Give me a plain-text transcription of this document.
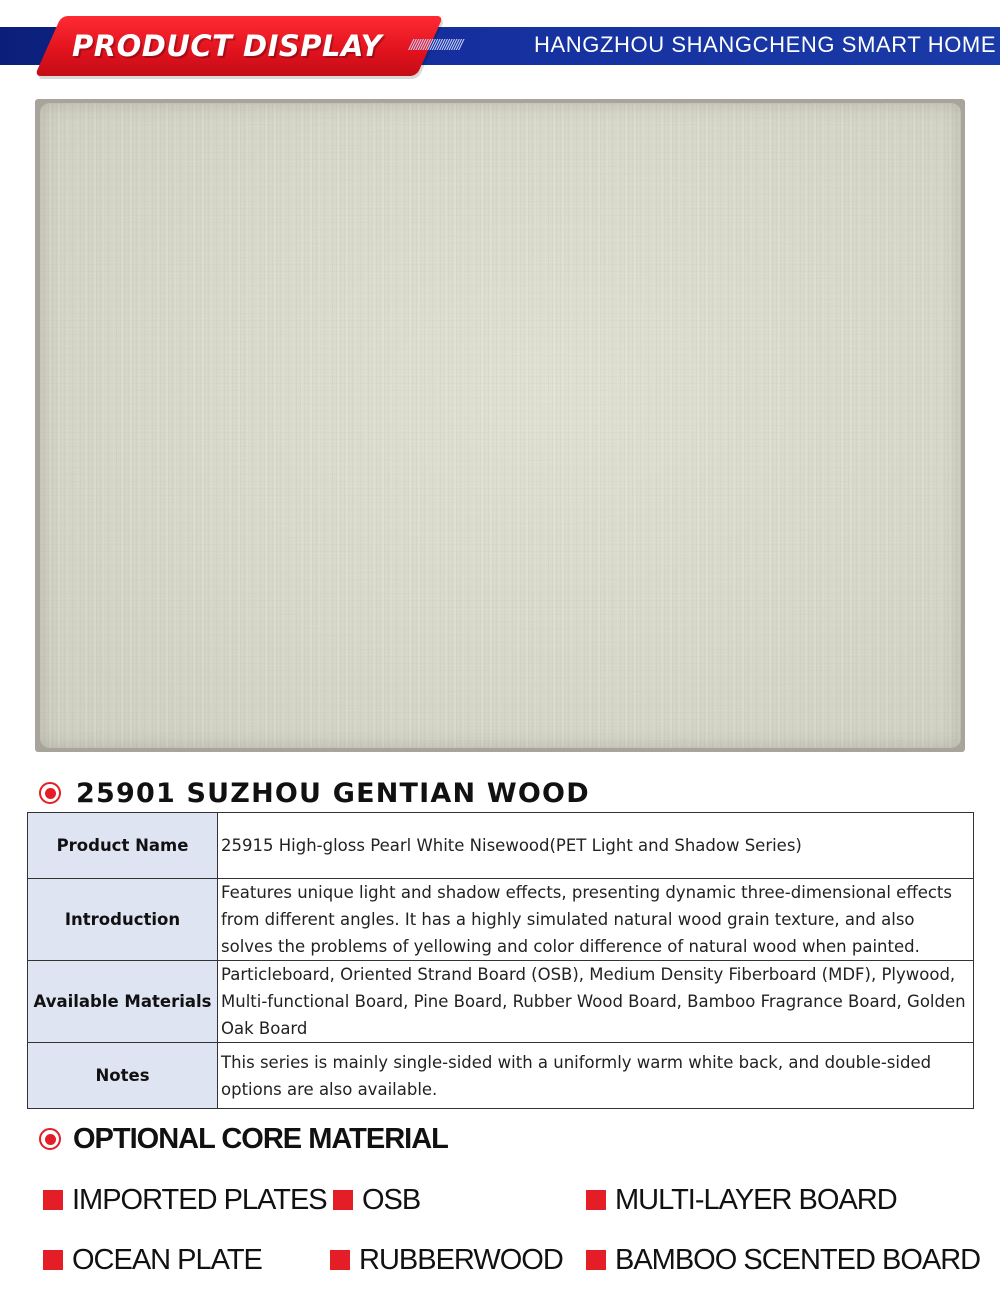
PRODUCT DISPLAY //////////////////////	HANGZHOU SHANGCHENG SMART HOME
25901 SUZHOU GENTIAN WOOD
Product Name	25915 High-gloss Pearl White Nisewood(PET Light and Shadow Series)
Introduction	Features unique light and shadow effects, presenting dynamic three-dimensional effects from different angles. It has a highly simulated natural wood grain texture, and also solves the problems of yellowing and color difference of natural wood when painted.
Available Materials	Particleboard, Oriented Strand Board (OSB), Medium Density Fiberboard (MDF), Plywood, Multi-functional Board, Pine Board, Rubber Wood Board, Bamboo Fragrance Board, Golden Oak Board
Notes	This series is mainly single-sided with a uniformly warm white back, and double-sided options are also available.
OPTIONAL CORE MATERIAL
IMPORTED PLATES OSB	MULTI-LAYER BOARD
OCEAN PLATE	RUBBERWOOD BAMBOO SCENTED BOARD
